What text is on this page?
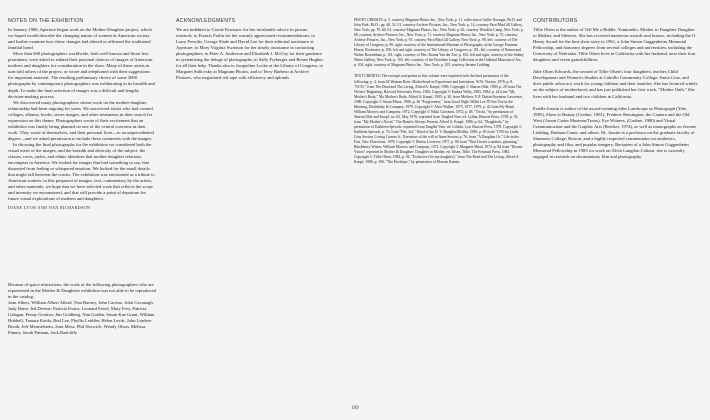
NOTES ON THE EXHIBITION

In January 1986, Aperture began work on the Mother-Daughter project, which we hoped would describe the changing nature of women in American society and further examine how these changes had altered or affirmed the traditional familial bond.

More than 600 photographers worldwide, both well-known and those less prominent, were asked to submit their personal choices of images of American mothers and daughters for consideration in the show. Many of these artists in turn told others of the project, or wrote and telephoned with their suggestions for important material. The resulting preliminary choice of some 3000 photographs by contemporary photographers was exhilarating in its breadth and depth. To make the final selection of images was a difficult and lengthy decision-making process.

We discovered many photographers whose work on the mother-daughter relationship had been ongoing for years. We uncovered artists who had created collages, albums, books, series images, and other treatments in their search for expression on this theme. Photographers wrote of their excitement that an exhibition was finally being planned on one of the central concerns in their work. They wrote of themselves, and their personal lives—to an unprecedented degree—and we asked permission to include these comments with the images.

In choosing the final photographs for the exhibition we considered both the visual merit of the images, and the breadth and diversity of the subject: the classes, races, styles, and ethnic identities that mother-daughter relations encompass in America. We looked for images that had something to say, that dissented from feeling or whispered emotion. We looked for the small details that might fall between the cracks. The exhibition was envisioned as a tribute to American women: in this potpourri of images, text, commentary by the artists, and other materials, we hope that we have selected work that reflects the scope and intensity we encountered, and that will provide a point of departure for future visual explorations of mothers and daughters.

DIANE LYON AND NAN RICHARDSON

Because of space restrictions, the work of the following photographers who are represented in the Mother & Daughters exhibition was not able to be reproduced in the catalog:

Joan Albert, William Albert Allard, Tina Barney, John Carrino, John Cavanagh, Judy Dater, Jed Devine, Patricia Evans, Leonard Freed, Mary Frey, Patricia Galagan, Penny Gentieu, Jim Goldberg, Nan Goldin, Susan Kae Grant, William Hubbell, Tamara Kaida, Bud Lee, Phyllis Leidder, Helen Levitt, John Lurders-Booth, Jeff Mermelstein, Joan Moss, Phil Norwich, Wendy Olson, Melissa Pinney, Sarah Putnam, Jack Radcliffe

ACKNOWLEDGMENTS

We are indebted to Carole Kismaric for her invaluable advice in picture research; to Francis Fralin for her warmly appreciated recommendations; to Larry Fresolis, George Slade and David Lee for their editorial assistance at Aperture; to Mary Virginia Swanson for her timely assistance in contacting photographers; to Peter A. Anderson and Elizabeth J. McCoy for their guidance in systemizing the deluge of photographs; to Sally Fryberger and Renee Hughes for all their help. Thanks also to Jacqueline Locke at the Library of Congress, to Margaret Sullovsky at Magnum Photos, and to Terry Barbero at Archive Pictures, who negotiated red tape with efficiency and aplomb.

PHOTO CREDITS: p. 5, courtesy Magnum Photos Inc., New York; p. 11, collection of Sallie Noonger, Ph.D. and John Fink, Ph.D.; pp. 40, 52, 51, courtesy Archive Pictures, Inc., New York; p. 14, courtesy Pace/MacGill Gallery, New York; pp. 70, 60, 61, courtesy Magnum Photos, Inc., New York; p. 62, courtesy Woodfin Camp, New York; p. 68, courtesy Archive Pictures, Inc., New York; p. 71, courtesy Magnum Photos Inc., New York; p. 75, courtesy Archive Pictures, Inc., New York; p. 91, courtesy Pace/MacGill Gallery, New York; p. 99, left: courtesy of The Library of Congress; p. 99, right: courtesy of the International Museum of Photography at the George Eastman House, Rochester; p. 100, left and right, courtesy of The Library of Congress; p. 101, left, courtesy of Nanon and Walter Rosenblum; p. 101, right, courtesy of Mrs. Donna Van der Zee; p. 102, left and right, courtesy of the Sidney Winer Gallery, New York; p. 103, left, courtesy of the Dorothea Lange Collection at the Oakland Museum of Art; p. 104, right, courtesy of Magnum Photos Inc., New York; p. 105, courtesy Jerome Liebling.

TEXT CREDITS: The excerpts and poems in this volume were reprinted with the kind permission of the following: p. 4, from Of Woman Born: Motherhood as Experience and Institution, W.W. Norton, 1976; p. 8, "55/35," from The Dead and The Living, Alfred A. Knopf, 1986. Copyright © Sharon Olds, 1983; p. 28 from The Writers' Beginning, Harvard University Press, 1984. Copyright © Eudora Welty, 1983, 1984; p. 24 from "My Mother's Body," My Mother's Body, Alfred A. Knopf, 1985; p. 30, from Mothers, E.P. Dutton/Seymour Lawrence, 1986. Copyright © Susan Minot, 1986; p. 36 "Forgiveness," from Good Night Willie Lee I'll See You in the Morning, Doubleday & Company, 1979. Copyright © Alice Walker, 1975, 1977, 1979; p. 42 from My Hand, William Morrow and Company, 1972. Copyright © Nikki Giovanni, 1972; p. 48, "Tricks," by permission of Sharon Olds and Knopf, no. 82, May 1976; reprinted from Tangled Vine, ed. Lyllan, Beacon Press, 1978; p. 56 from "My Mother's Novel," The Hand is Always Present, Alfred A. Knopf, 1986; p. 64, "Daughterly," by permission of Kathleen Spivack; reprinted from Tangled Vine, ed. Lifshin, Lyn, Beacon Press, 1978. Copyright © Kathleen Spivack; p. 70, from "Feb. 3rd," Word of the D. V. Hueghes/Mifflin, 1980; p. 85 from "1976 by Linda Gray Sexton, Loving Conner Jr., Executors of the will of Anne Sexton; p. 76, from "A Daughter Or," Life in the Fast, New Directions, 1978. Copyright © Denise Levertov, 1977; p. 80 from "That I'm not a mother, gleaming," Blackberry Winter, William Morrow and Company, 1972. Copyright © Margaret Mead, 1972; p. 84 from "Dream-Vision" reprinted in Mother & Daughter: Daughter in Mother, ed. Olsen, Tillie, The Feminist Press, 1984. Copyright © Tillie Olsen, 1984; p. 92, "Exclusive (for my daughter)," from The Dead and The Living, Alfred A. Knopf, 1986; p. 106, "The Envelope," by permission of Maxine Kumin.

CONTRIBUTORS

Tillie Olsen is the author of Tell Me a Riddle, Yonnondio, Mother to Daughter Daughter to Mother, and Silences. She has received numerous awards and honors, including the O. Henry Award for the best short story in 1961, a John Simon Guggenheim Memorial Fellowship, and honorary degrees from several colleges and universities, including the University of Nebraska. Tillie Olsen lives in California with her husband, near their four daughters and seven grandchildren.

Julie Olsen Edwards, the second of Tillie Olsen's four daughters, teaches Child Development and Women's Studies at Cabrillo Community College, Santa Cruz, and does public advocacy work for young children and their families. She has lectured widely on the subject of motherhood, and has just published her first work, "Mother Oath." She lives with her husband and two children in California.

Estelle Jussim is author of the award-winning titles Landscape as Photograph (Yale, 1985), Slave to Beauty (Godine, 1981), Frederic Remington, the Camera and the Old West (Amon Carter Museum/Texas), Eye Witness, (Godine, 1980) and Visual Communication and the Graphic Arts (Bowker, 1974), as well as monographs on Jerome Liebling, Barbara Crane, and others. Dr. Jussim is a professor on the graduate faculty of Simmons College, Boston, and a highly respected commentator on aesthetics, photography and film, and popular imagery. Recipient of a John Simon Guggenheim Memorial Fellowship in 1985 for work on Alvin Langdon Coburn, she is currently engaged in research on documentary film and photography.

109
